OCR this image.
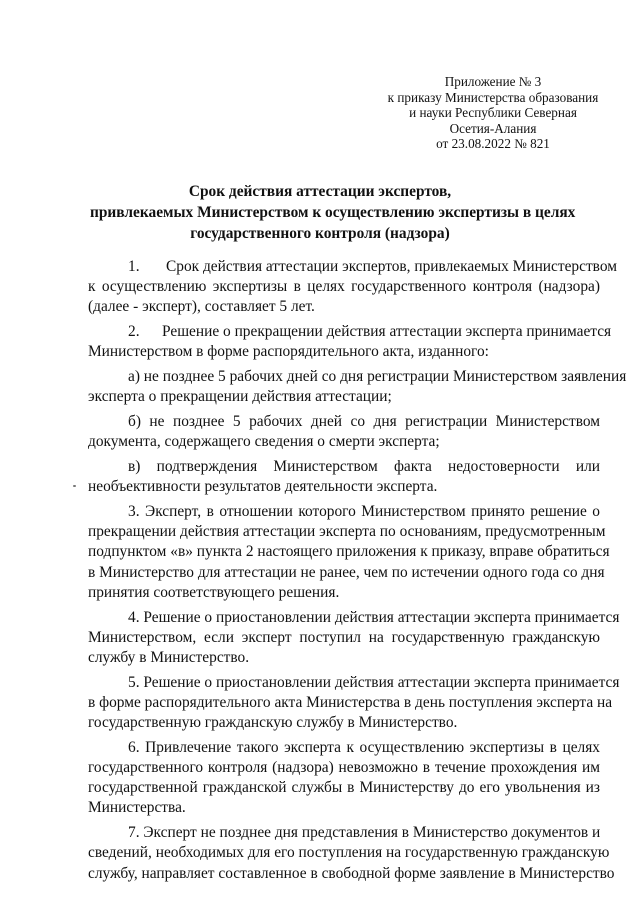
Приложение № 3
к приказу Министерства образования
и науки Республики Северная
Осетия-Алания
от 23.08.2022 № 821
Срок действия аттестации экспертов,
привлекаемых Министерством к осуществлению экспертизы в целях
государственного контроля (надзора)
1. Срок действия аттестации экспертов, привлекаемых Министерством
к осуществлению экспертизы в целях государственного контроля (надзора)
(далее - эксперт), составляет 5 лет.
2. Решение о прекращении действия аттестации эксперта принимается
Министерством в форме распорядительного акта, изданного:
а) не позднее 5 рабочих дней со дня регистрации Министерством заявления
эксперта о прекращении действия аттестации;
б) не позднее 5 рабочих дней со дня регистрации Министерством
документа, содержащего сведения о смерти эксперта;
в) подтверждения Министерством факта недостоверности или
необъективности результатов деятельности эксперта.
3. Эксперт, в отношении которого Министерством принято решение о
прекращении действия аттестации эксперта по основаниям, предусмотренным
подпунктом «в» пункта 2 настоящего приложения к приказу, вправе обратиться
в Министерство для аттестации не ранее, чем по истечении одного года со дня
принятия соответствующего решения.
4. Решение о приостановлении действия аттестации эксперта принимается
Министерством, если эксперт поступил на государственную гражданскую
службу в Министерство.
5. Решение о приостановлении действия аттестации эксперта принимается
в форме распорядительного акта Министерства в день поступления эксперта на
государственную гражданскую службу в Министерство.
6. Привлечение такого эксперта к осуществлению экспертизы в целях
государственного контроля (надзора) невозможно в течение прохождения им
государственной гражданской службы в Министерству до его увольнения из
Министерства.
7. Эксперт не позднее дня представления в Министерство документов и
сведений, необходимых для его поступления на государственную гражданскую
службу, направляет составленное в свободной форме заявление в Министерство
